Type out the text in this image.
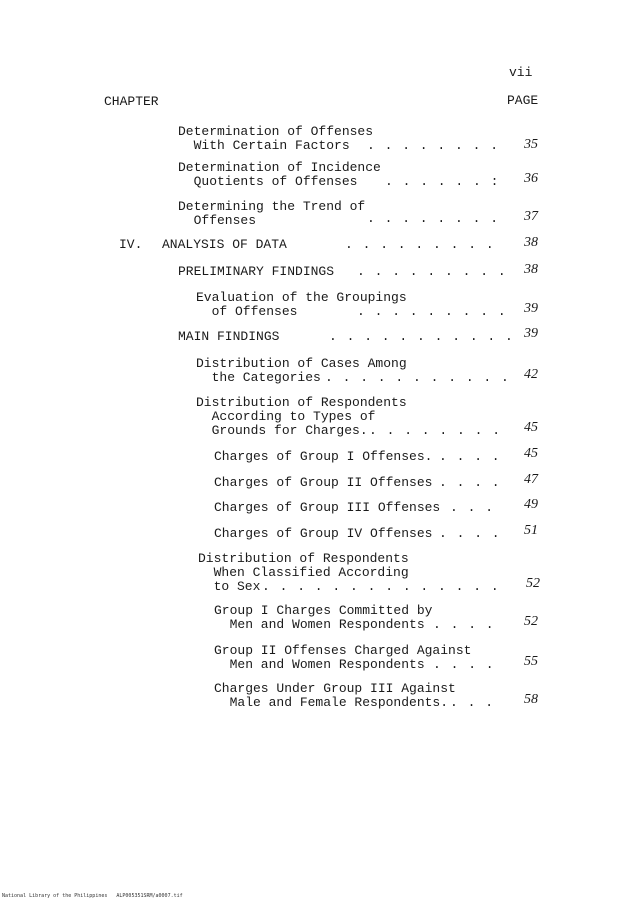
vii
CHAPTER	PAGE
Determination of Offenses
With Certain Factors . . . . . . . . 35
Determination of Incidence
Quotients of Offenses . . . . . . : 36
Determining the Trend of
Offenses	. . . . . . . . 37
IV. ANALYSIS OF DATA	. . . . . . . . . 38
PRELIMINARY FINDINGS . . . . . . . . . 38
Evaluation of the Groupings
of Offenses	. . . . . . . . . 39
MAIN FINDINGS	. . . . . . . . . . . 39
Distribution of Cases Among
the Categories . . . . . . . . . . . 42
Distribution of Respondents
According to Types of
Grounds for Charges. . . . . . . . . 45
Charges of Group I Offenses. . . . . 45
Charges of Group II Offenses . . . . 47
Charges of Group III Offenses . . . 49
Charges of Group IV Offenses . . . . 51
Distribution of Respondents
When Classified According
to Sex . . . . . . . . . . . . . . 52
Group I Charges Committed by
Men and Women Respondents . . . . 52
Group II Offenses Charged Against
Men and Women Respondents . . . . 55
Charges Under Group III Against
Male and Female Respondents. . . . 58
National Library of the Philippines   ALP005351SRM/a0007.tif
